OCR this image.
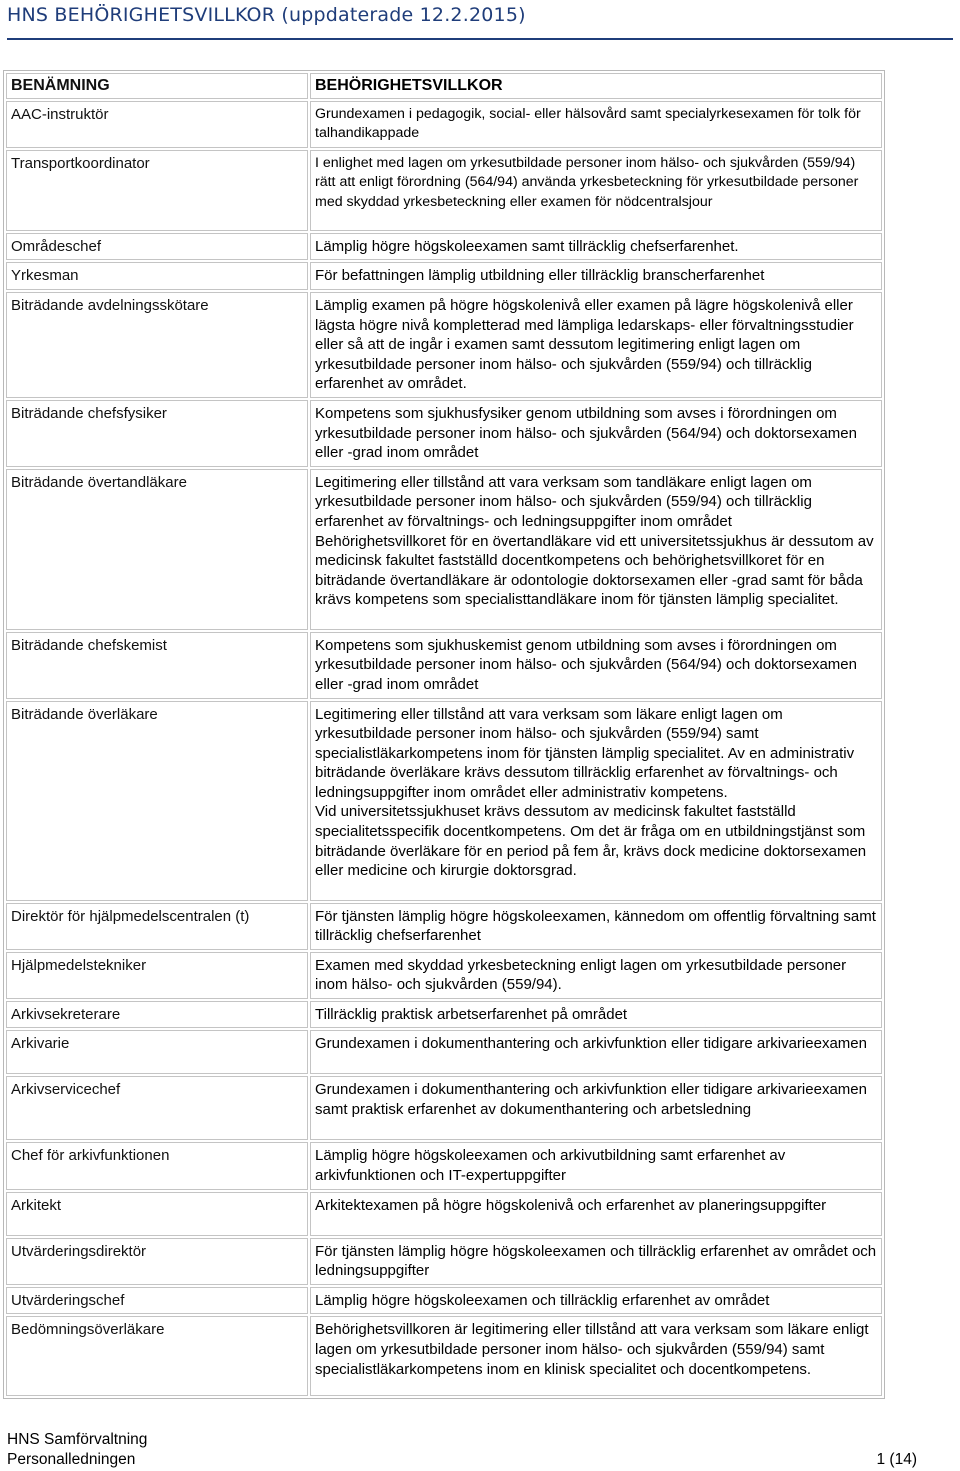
HNS BEHÖRIGHETSVILLKOR (uppdaterade 12.2.2015)
BENÄMNING	BEHÖRIGHETSVILLKOR
AAC-instruktör	Grundexamen i pedagogik, social- eller hälsovård samt specialyrkesexamen för tolk för talhandikappade
Transportkoordinator	I enlighet med lagen om yrkesutbildade personer inom hälso- och sjukvården (559/94) rätt att enligt förordning (564/94) använda yrkesbeteckning för yrkesutbildade personer med skyddad yrkesbeteckning eller examen för nödcentralsjour
Områdeschef	Lämplig högre högskoleexamen samt tillräcklig chefserfarenhet.
Yrkesman	För befattningen lämplig utbildning eller tillräcklig branscherfarenhet
Biträdande avdelningsskötare	Lämplig examen på högre högskolenivå eller examen på lägre högskolenivå eller lägsta högre nivå kompletterad med lämpliga ledarskaps- eller förvaltningsstudier eller så att de ingår i examen samt dessutom legitimering enligt lagen om yrkesutbildade personer inom hälso- och sjukvården (559/94) och tillräcklig erfarenhet av området.
Biträdande chefsfysiker	Kompetens som sjukhusfysiker genom utbildning som avses i förordningen om yrkesutbildade personer inom hälso- och sjukvården (564/94) och doktorsexamen eller -grad inom området
Biträdande övertandläkare	Legitimering eller tillstånd att vara verksam som tandläkare enligt lagen om yrkesutbildade personer inom hälso- och sjukvården (559/94) och tillräcklig erfarenhet av förvaltnings- och ledningsuppgifter inom området
Behörighetsvillkoret för en övertandläkare vid ett universitetssjukhus är dessutom av medicinsk fakultet fastställd docentkompetens och behörighetsvillkoret för en biträdande övertandläkare är odontologie doktorsexamen eller -grad samt för båda krävs kompetens som specialisttandläkare inom för tjänsten lämplig specialitet.
Biträdande chefskemist	Kompetens som sjukhuskemist genom utbildning som avses i förordningen om yrkesutbildade personer inom hälso- och sjukvården (564/94) och doktorsexamen eller -grad inom området
Biträdande överläkare	Legitimering eller tillstånd att vara verksam som läkare enligt lagen om yrkesutbildade personer inom hälso- och sjukvården (559/94) samt specialistläkarkompetens inom för tjänsten lämplig specialitet. Av en administrativ biträdande överläkare krävs dessutom tillräcklig erfarenhet av förvaltnings- och ledningsuppgifter inom området eller administrativ kompetens.
Vid universitetssjukhuset krävs dessutom av medicinsk fakultet fastställd specialitetsspecifik docentkompetens. Om det är fråga om en utbildningstjänst som biträdande överläkare för en period på fem år, krävs dock medicine doktorsexamen eller medicine och kirurgie doktorsgrad.
Direktör för hjälpmedelscentralen (t)	För tjänsten lämplig högre högskoleexamen, kännedom om offentlig förvaltning samt tillräcklig chefserfarenhet
Hjälpmedelstekniker	Examen med skyddad yrkesbeteckning enligt lagen om yrkesutbildade personer inom hälso- och sjukvården (559/94).
Arkivsekreterare	Tillräcklig praktisk arbetserfarenhet på området
Arkivarie	Grundexamen i dokumenthantering och arkivfunktion eller tidigare arkivarieexamen
Arkivservicechef	Grundexamen i dokumenthantering och arkivfunktion eller tidigare arkivarieexamen samt praktisk erfarenhet av dokumenthantering och arbetsledning
Chef för arkivfunktionen	Lämplig högre högskoleexamen och arkivutbildning samt erfarenhet av arkivfunktionen och IT-expertuppgifter
Arkitekt	Arkitektexamen på högre högskolenivå och erfarenhet av planeringsuppgifter
Utvärderingsdirektör	För tjänsten lämplig högre högskoleexamen och tillräcklig erfarenhet av området och ledningsuppgifter
Utvärderingschef	Lämplig högre högskoleexamen och tillräcklig erfarenhet av området
Bedömningsöverläkare	Behörighetsvillkoren är legitimering eller tillstånd att vara verksam som läkare enligt lagen om yrkesutbildade personer inom hälso- och sjukvården (559/94) samt specialistläkarkompetens inom en klinisk specialitet och docentkompetens.
HNS Samförvaltning
Personalledningen	1 (14)
